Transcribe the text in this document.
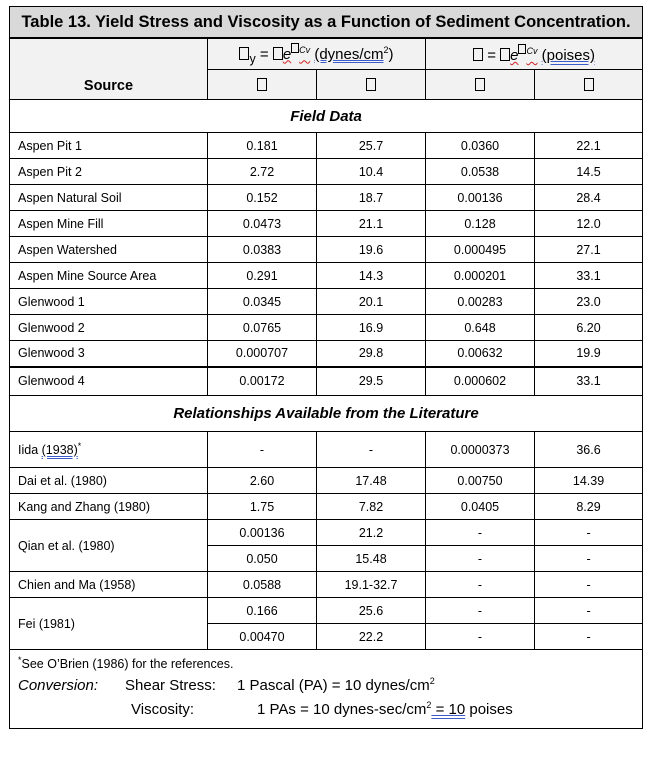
Table 13. Yield Stress and Viscosity as a Function of Sediment Concentration.				
Source	$_y$ = e $^{Cv}$ $(dynes/cm^2)$		= e $^{Cv}$ (poises)	

Field Data				
Aspen Pit 1	0.181	25.7	0.0360	22.1
Aspen Pit 2	2.72	10.4	0.0538	14.5
Aspen Natural Soil	0.152	18.7	0.00136	28.4
Aspen Mine Fill	0.0473	21.1	0.128	12.0
Aspen Watershed	0.0383	19.6	0.000495	27.1
Aspen Mine Source Area	0.291	14.3	0.000201	33.1
Glenwood 1	0.0345	20.1	0.00283	23.0
Glenwood 2	0.0765	16.9	0.648	6.20
Glenwood 3	0.000707	29.8	0.00632	19.9
Glenwood 4	0.00172	29.5	0.000602	33.1
Relationships Available from the Literature				
Iida (1938)*	-	-	0.0000373	36.6
Dai et al. (1980)	2.60	17.48	0.00750	14.39
Kang and Zhang (1980)	1.75	7.82	0.0405	8.29
Qian et al. (1980)	0.00136	21.2	-	-
	0.050	15.48	-	-
Chien and Ma (1958)	0.0588	19.1-32.7	-	-
Fei (1981)	0.166	25.6	-	-
	0.00470	22.2	-	-
*See O’Brien (1986) for the references.				

Conversion: Shear Stress: 1 Pascal (PA) = 10 dynes/$cm^2$
Viscosity: 1 PAs = 10 dynes-$\sec/cm^2 = 10$ poises				
